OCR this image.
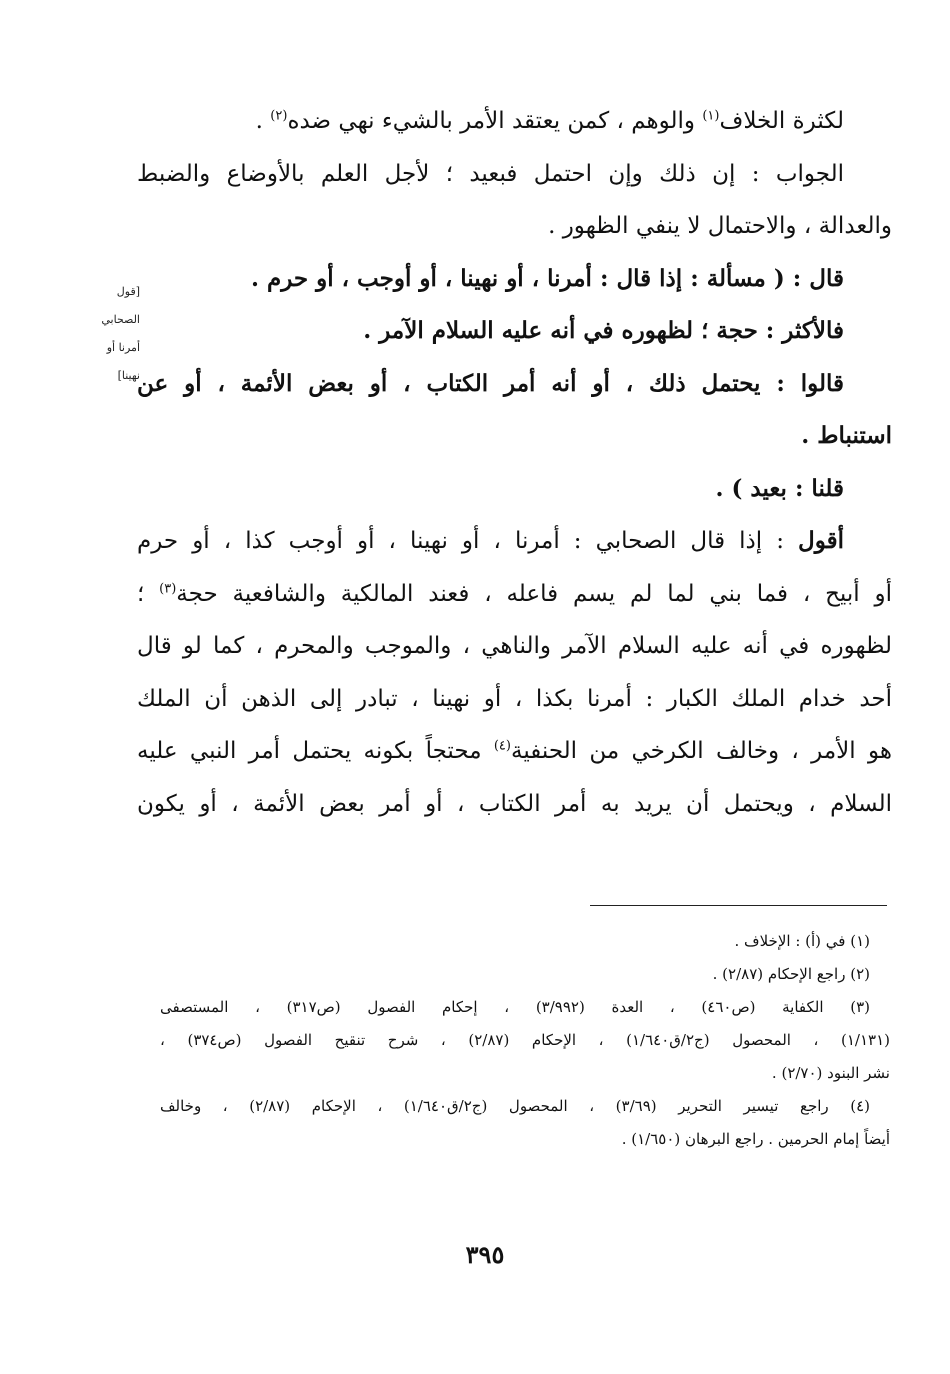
لكثرة الخلاف$^{(١)}$ والوهم ، كمن يعتقد الأمر بالشيء نهي ضده$^{(٢)}$ .
الجواب : إن ذلك وإن احتمل فبعيد ؛ لأجل العلم بالأوضاع والضبط
والعدالة ، والاحتمال لا ينفي الظهور .
قال : ( مسألة : إذا قال : أمرنا ، أو نهينا ، أو أوجب ، أو حرم .
فالأكثر : حجة ؛ لظهوره في أنه عليه السلام الآمر .
قالوا : يحتمل ذلك ، أو أنه أمر الكتاب ، أو بعض الأئمة ، أو عن
استنباط .
قلنا : بعيد ) .
أقول : إذا قال الصحابي : أمرنا ، أو نهينا ، أو أوجب كذا ، أو حرم
أو أبيح ، فما بني لما لم يسم فاعله ، فعند المالكية والشافعية حجة$^{(٣)}$ ؛
لظهوره في أنه عليه السلام الآمر والناهي ، والموجب والمحرم ، كما لو قال
أحد خدام الملك الكبار : أمرنا بكذا ، أو نهينا ، تبادر إلى الذهن أن الملك
هو الأمر ، وخالف الكرخي من الحنفية$^{(٤)}$ محتجاً بكونه يحتمل أمر النبي عليه
السلام ، ويحتمل أن يريد به أمر الكتاب ، أو أمر بعض الأئمة ، أو يكون
[قول
الصحابي
أمرنا أو
نهينا]
(١) في (أ) : الإخلاف .
(٢) راجع الإحكام (٢/٨٧) .
(٣) الكفاية (ص٤٦٠) ، العدة (٣/٩٩٢) ، إحكام الفصول (ص٣١٧) ، المستصفى
(١/١٣١) ، المحصول (ج٢/ق١/٦٤٠) ، الإحكام (٢/٨٧) ، شرح تنقيح الفصول (ص٣٧٤) ،
نشر البنود (٢/٧٠) .
(٤) راجع تيسير التحرير (٣/٦٩) ، المحصول (ج٢/ق١/٦٤٠) ، الإحكام (٢/٨٧) ، وخالف
أيضاً إمام الحرمين . راجع البرهان (١/٦٥٠) .
٣٩٥
